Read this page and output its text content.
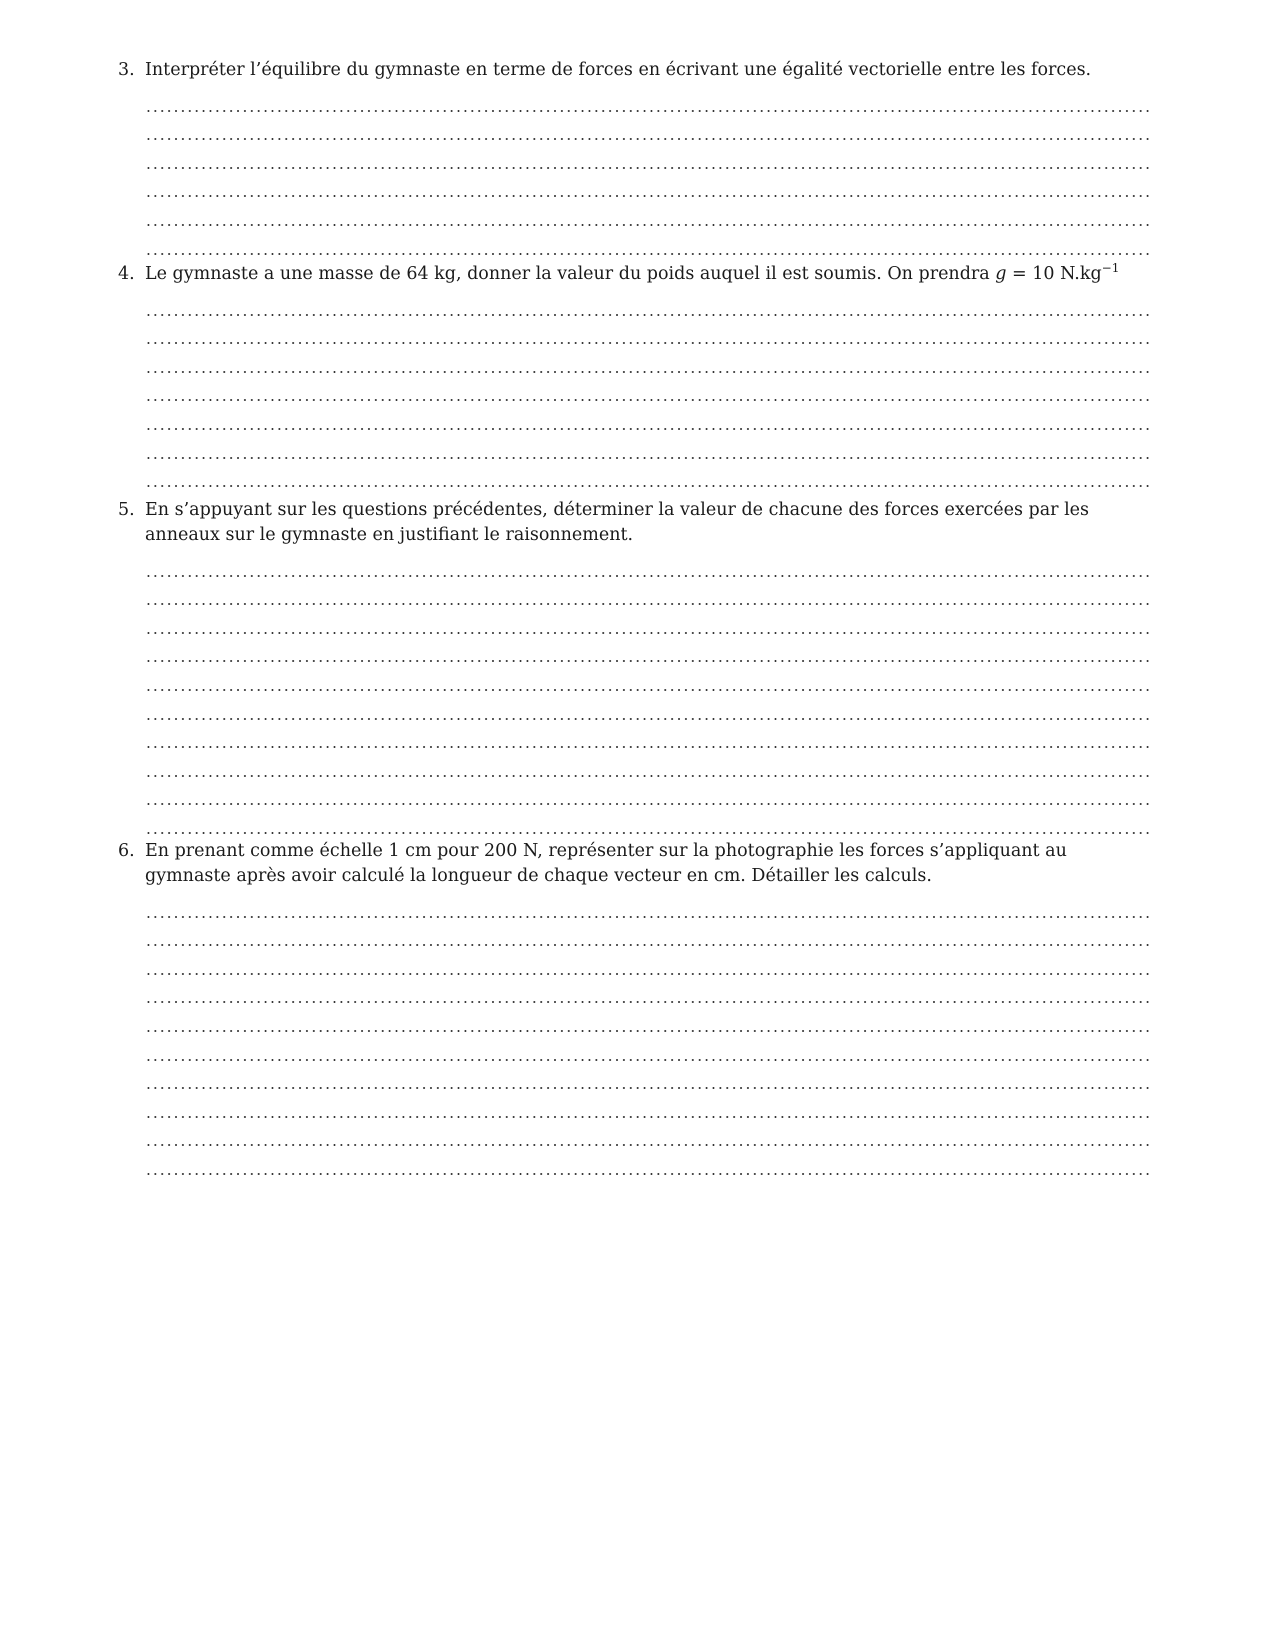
3. Interpréter l’équilibre du gymnaste en terme de forces en écrivant une égalité vectorielle entre les forces.
4. Le gymnaste a une masse de 64 kg, donner la valeur du poids auquel il est soumis. On prendra g = 10 $N.kg^{-1}$
5. En s’appuyant sur les questions précédentes, déterminer la valeur de chacune des forces exercées par les anneaux sur le gymnaste en justifiant le raisonnement.
6. En prenant comme échelle 1 cm pour 200 N, représenter sur la photographie les forces s’appliquant au gymnaste après avoir calculé la longueur de chaque vecteur en cm. Détailler les calculs.
